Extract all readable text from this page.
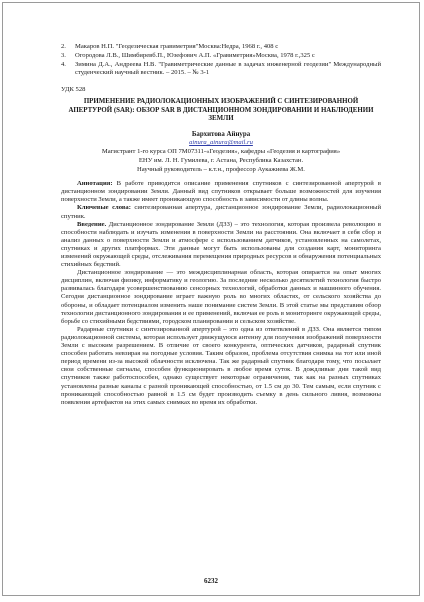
2.	Макаров Н.П. "Геодезическая гравиметрия"Москва:Недра, 1968 г., 408 с
3.	Огородова Л.В., Шимбиревб.П., Юзефович А.П. «Гравиметрия»Москва, 1978 г.,325 с
4.	Зимина Д.А., Андреева Н.В. "Гравиметрические данные в задачах инженерной геодезии" Международный студенческий научный вестник. – 2015. – № 3-1
УДК 528
ПРИМЕНЕНИЕ РАДИОЛОКАЦИОННЫХ ИЗОБРАЖЕНИЙ С СИНТЕЗИРОВАННОЙ АПЕРТУРОЙ (SAR): ОБЗОР SAR В ДИСТАНЦИОННОМ ЗОНДИРОВАНИИ И НАБЛЮДЕНИИ ЗЕМЛИ
Бархитова Айнура
ainura_ainura@mail.ru
Магистрант 1-го курса ОП 7M07311-«Геодезия», кафедры «Геодезия и картография»
ЕНУ им. Л. Н. Гумилева, г. Астана, Республика Казахстан.
Научный руководитель – к.т.н., профессор Аукажиева Ж.М.

Аннотация: В работе приводится описание применения спутников с синтезированной апертурой в дистанционном зондировании Земли. Данный вид спутников открывает больше возможностей для изучения поверхности Земли, а также имеет проникающую способность в зависимости от длины волны.

Ключевые слова: синтезированная апертура, дистанционное зондирование Земли, радиолокационный спутник.

Введение. Дистанционное зондирование Земли (ДЗЗ) – это технология, которая произвела революцию в способности наблюдать и изучать изменения в поверхности Земли на расстоянии. Она включает в себя сбор и анализ данных о поверхности Земли и атмосфере с использованием датчиков, установленных на самолетах, спутниках и других платформах. Эти данные могут быть использованы для создания карт, мониторинга изменений окружающей среды, отслеживания перемещения природных ресурсов и обнаружения потенциальных стихийных бедствий.

Дистанционное зондирование — это междисциплинарная область, которая опирается на опыт многих дисциплин, включая физику, информатику и геологию. За последние несколько десятилетий технология быстро развивалась благодаря усовершенствованию сенсорных технологий, обработки данных и машинного обучения. Сегодня дистанционное зондирование играет важную роль во многих областях, от сельского хозяйства до обороны, и обладает потенциалом изменить наше понимание систем Земли. В этой статье мы представим обзор технологии дистанционного зондирования и ее применений, включая ее роль в мониторинге окружающей среды, борьбе со стихийными бедствиями, городском планировании и сельском хозяйстве.

Радарные спутники с синтезированной апертурой – это одна из ответвлений в ДЗЗ. Она является типом радиолокационной системы, которая использует движущуюся антенну для получения изображений поверхности Земли с высоким разрешением. В отличие от своего конкурента, оптических датчиков, радарный спутник способен работать невзирая на погодные условия. Таким образом, проблема отсутствия снимка на тот или иной период времени из-за высокой облачности исключена. Так же радарный спутник благодаря тому, что посылает свои собственные сигналы, способен функционировать в любое время суток. В дождливые дни такой вид спутников также работоспособен, однако существует некоторые ограничения, так как на разных спутниках установлены разные каналы с разной проникающей способностью, от 1.5 см до 30. Тем самым, если спутник с проникающей способностью равной в 1.5 см будет производить съемку в день сильного ливня, возможны появления артефактов на этих самых снимках во время их обработки.

6232
